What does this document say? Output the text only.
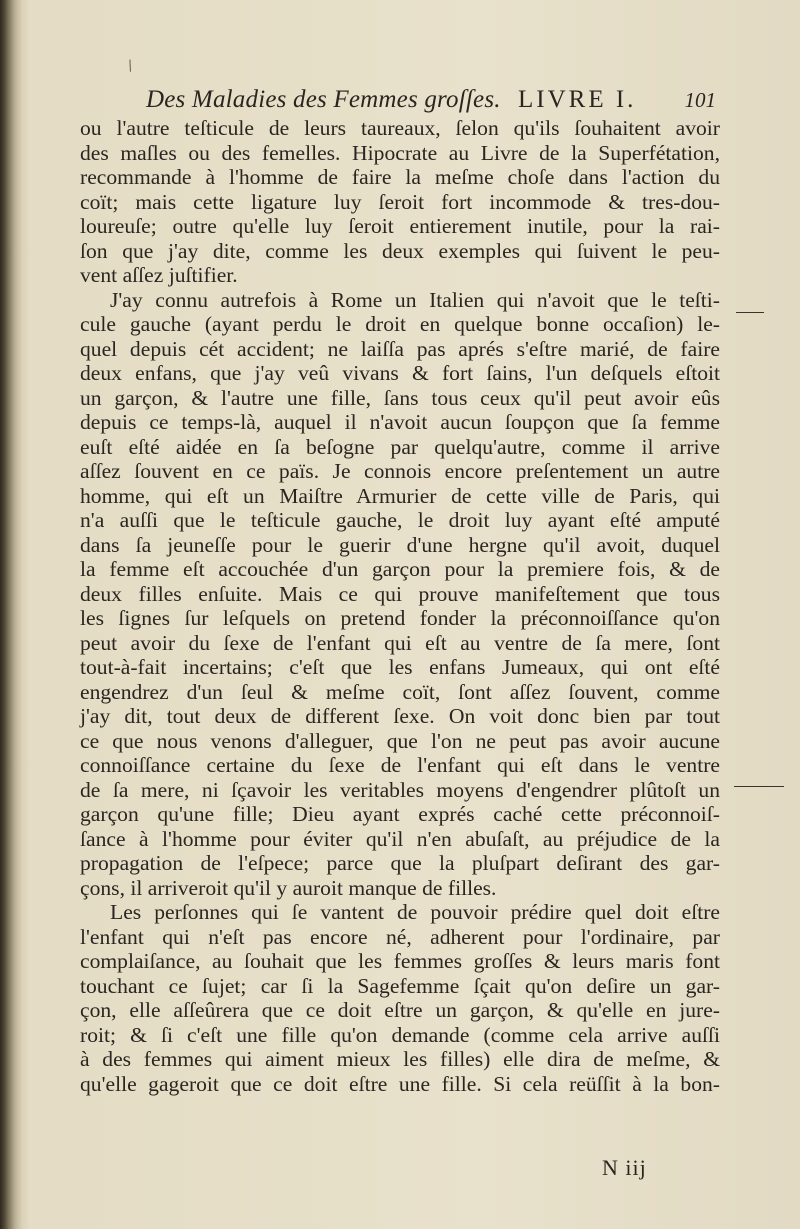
/
Des Maladies des Femmes groſſes. LIVRE I. 101
ou l'autre teſticule de leurs taureaux, ſelon qu'ils ſouhaitent avoir
des maſles ou des femelles. Hipocrate au Livre de la Superfétation,
recommande à l'homme de faire la meſme choſe dans l'action du
coït; mais cette ligature luy ſeroit fort incommode & tres-dou-
loureuſe; outre qu'elle luy ſeroit entierement inutile, pour la rai-
ſon que j'ay dite, comme les deux exemples qui ſuivent le peu-
vent aſſez juſtifier.
J'ay connu autrefois à Rome un Italien qui n'avoit que le teſti-
cule gauche (ayant perdu le droit en quelque bonne occaſion) le-
quel depuis cét accident; ne laiſſa pas aprés s'eſtre marié, de faire
deux enfans, que j'ay veû vivans & fort ſains, l'un deſquels eſtoit
un garçon, & l'autre une fille, ſans tous ceux qu'il peut avoir eûs
depuis ce temps-là, auquel il n'avoit aucun ſoupçon que ſa femme
euſt eſté aidée en ſa beſogne par quelqu'autre, comme il arrive
aſſez ſouvent en ce païs. Je connois encore preſentement un autre
homme, qui eſt un Maiſtre Armurier de cette ville de Paris, qui
n'a auſſi que le teſticule gauche, le droit luy ayant eſté amputé
dans ſa jeuneſſe pour le guerir d'une hergne qu'il avoit, duquel
la femme eſt accouchée d'un garçon pour la premiere fois, & de
deux filles enſuite. Mais ce qui prouve manifeſtement que tous
les ſignes ſur leſquels on pretend fonder la préconnoiſſance qu'on
peut avoir du ſexe de l'enfant qui eſt au ventre de ſa mere, ſont
tout-à-fait incertains; c'eſt que les enfans Jumeaux, qui ont eſté
engendrez d'un ſeul & meſme coït, ſont aſſez ſouvent, comme
j'ay dit, tout deux de different ſexe. On voit donc bien par tout
ce que nous venons d'alleguer, que l'on ne peut pas avoir aucune
connoiſſance certaine du ſexe de l'enfant qui eſt dans le ventre
de ſa mere, ni ſçavoir les veritables moyens d'engendrer plûtoſt un
garçon qu'une fille; Dieu ayant exprés caché cette préconnoiſ-
ſance à l'homme pour éviter qu'il n'en abuſaſt, au préjudice de la
propagation de l'eſpece; parce que la pluſpart deſirant des gar-
çons, il arriveroit qu'il y auroit manque de filles.
Les perſonnes qui ſe vantent de pouvoir prédire quel doit eſtre
l'enfant qui n'eſt pas encore né, adherent pour l'ordinaire, par
complaiſance, au ſouhait que les femmes groſſes & leurs maris font
touchant ce ſujet; car ſi la Sagefemme ſçait qu'on deſire un gar-
çon, elle aſſeûrera que ce doit eſtre un garçon, & qu'elle en jure-
roit; & ſi c'eſt une fille qu'on demande (comme cela arrive auſſi
à des femmes qui aiment mieux les filles) elle dira de meſme, &
qu'elle gageroit que ce doit eſtre une fille. Si cela reüſſit à la bon-
N iij
